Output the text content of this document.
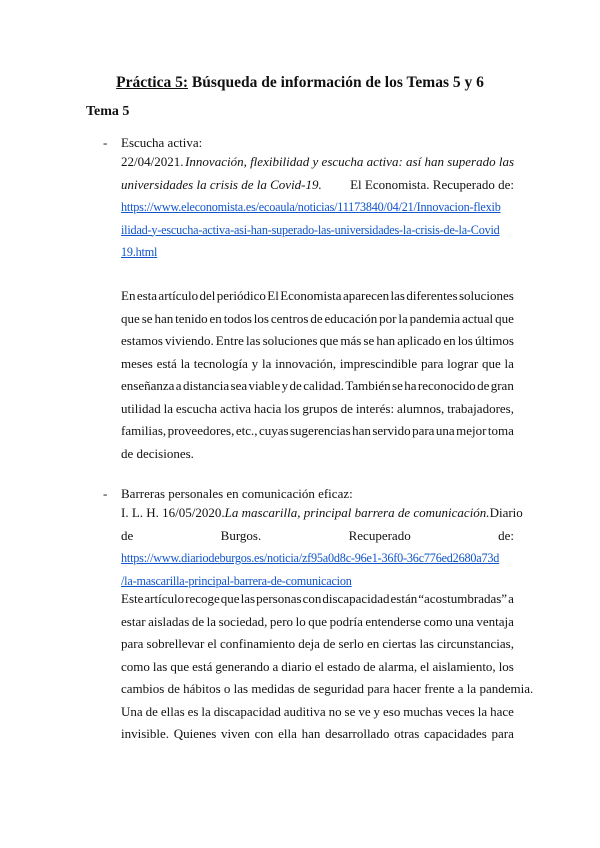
Práctica 5: Búsqueda de información de los Temas 5 y 6
Tema 5
- Escucha activa:
22/04/2021. Innovación, flexibilidad y escucha activa: así han superado las
universidades la crisis de la Covid-19. El Economista. Recuperado de:
https://www.eleconomista.es/ecoaula/noticias/11173840/04/21/Innovacion-flexib
ilidad-y-escucha-activa-asi-han-superado-las-universidades-la-crisis-de-la-Covid
19.html
En esta artículo del periódico El Economista aparecen las diferentes soluciones
que se han tenido en todos los centros de educación por la pandemia actual que
estamos viviendo. Entre las soluciones que más se han aplicado en los últimos
meses está la tecnología y la innovación, imprescindible para lograr que la
enseñanza a distancia sea viable y de calidad. También se ha reconocido de gran
utilidad la escucha activa hacia los grupos de interés: alumnos, trabajadores,
familias, proveedores, etc., cuyas sugerencias han servido para una mejor toma
de decisiones.
- Barreras personales en comunicación eficaz:
I. L. H. 16/05/2020. La mascarilla, principal barrera de comunicación. Diario
de	Burgos.	Recuperado	de:
https://www.diariodeburgos.es/noticia/zf95a0d8c-96e1-36f0-36c776ed2680a73d
/la-mascarilla-principal-barrera-de-comunicacion
Este artículo recoge que las personas con discapacidad están “acostumbradas” a
estar aisladas de la sociedad, pero lo que podría entenderse como una ventaja
para sobrellevar el confinamiento deja de serlo en ciertas las circunstancias,
como las que está generando a diario el estado de alarma, el aislamiento, los
cambios de hábitos o las medidas de seguridad para hacer frente a la pandemia.
Una de ellas es la discapacidad auditiva no se ve y eso muchas veces la hace
invisible. Quienes viven con ella han desarrollado otras capacidades para
